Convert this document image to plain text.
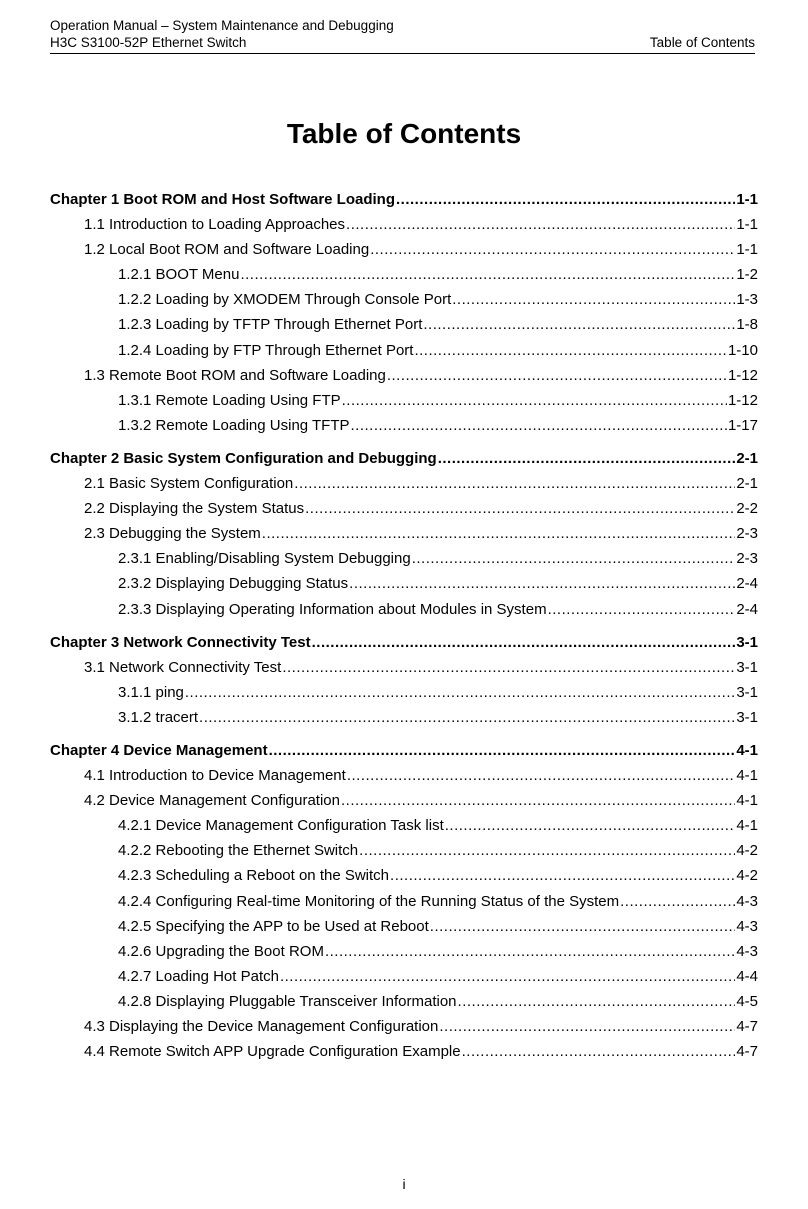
Operation Manual – System Maintenance and Debugging
H3C S3100-52P Ethernet Switch	Table of Contents
Table of Contents
Chapter 1 Boot ROM and Host Software Loading .....	1-1
1.1 Introduction to Loading Approaches .....	1-1
1.2 Local Boot ROM and Software Loading .....	1-1
1.2.1 BOOT Menu .....	1-2
1.2.2 Loading by XMODEM Through Console Port .....	1-3
1.2.3 Loading by TFTP Through Ethernet Port .....	1-8
1.2.4 Loading by FTP Through Ethernet Port .....	1-10
1.3 Remote Boot ROM and Software Loading .....	1-12
1.3.1 Remote Loading Using FTP .....	1-12
1.3.2 Remote Loading Using TFTP .....	1-17
Chapter 2 Basic System Configuration and Debugging .....	2-1
2.1 Basic System Configuration .....	2-1
2.2 Displaying the System Status .....	2-2
2.3 Debugging the System .....	2-3
2.3.1 Enabling/Disabling System Debugging .....	2-3
2.3.2 Displaying Debugging Status .....	2-4
2.3.3 Displaying Operating Information about Modules in System .....	2-4
Chapter 3 Network Connectivity Test .....	3-1
3.1 Network Connectivity Test .....	3-1
3.1.1 ping .....	3-1
3.1.2 tracert .....	3-1
Chapter 4 Device Management .....	4-1
4.1 Introduction to Device Management .....	4-1
4.2 Device Management Configuration .....	4-1
4.2.1 Device Management Configuration Task list .....	4-1
4.2.2 Rebooting the Ethernet Switch .....	4-2
4.2.3 Scheduling a Reboot on the Switch .....	4-2
4.2.4 Configuring Real-time Monitoring of the Running Status of the System .....	4-3
4.2.5 Specifying the APP to be Used at Reboot .....	4-3
4.2.6 Upgrading the Boot ROM .....	4-3
4.2.7 Loading Hot Patch .....	4-4
4.2.8 Displaying Pluggable Transceiver Information .....	4-5
4.3 Displaying the Device Management Configuration .....	4-7
4.4 Remote Switch APP Upgrade Configuration Example .....	4-7
i
